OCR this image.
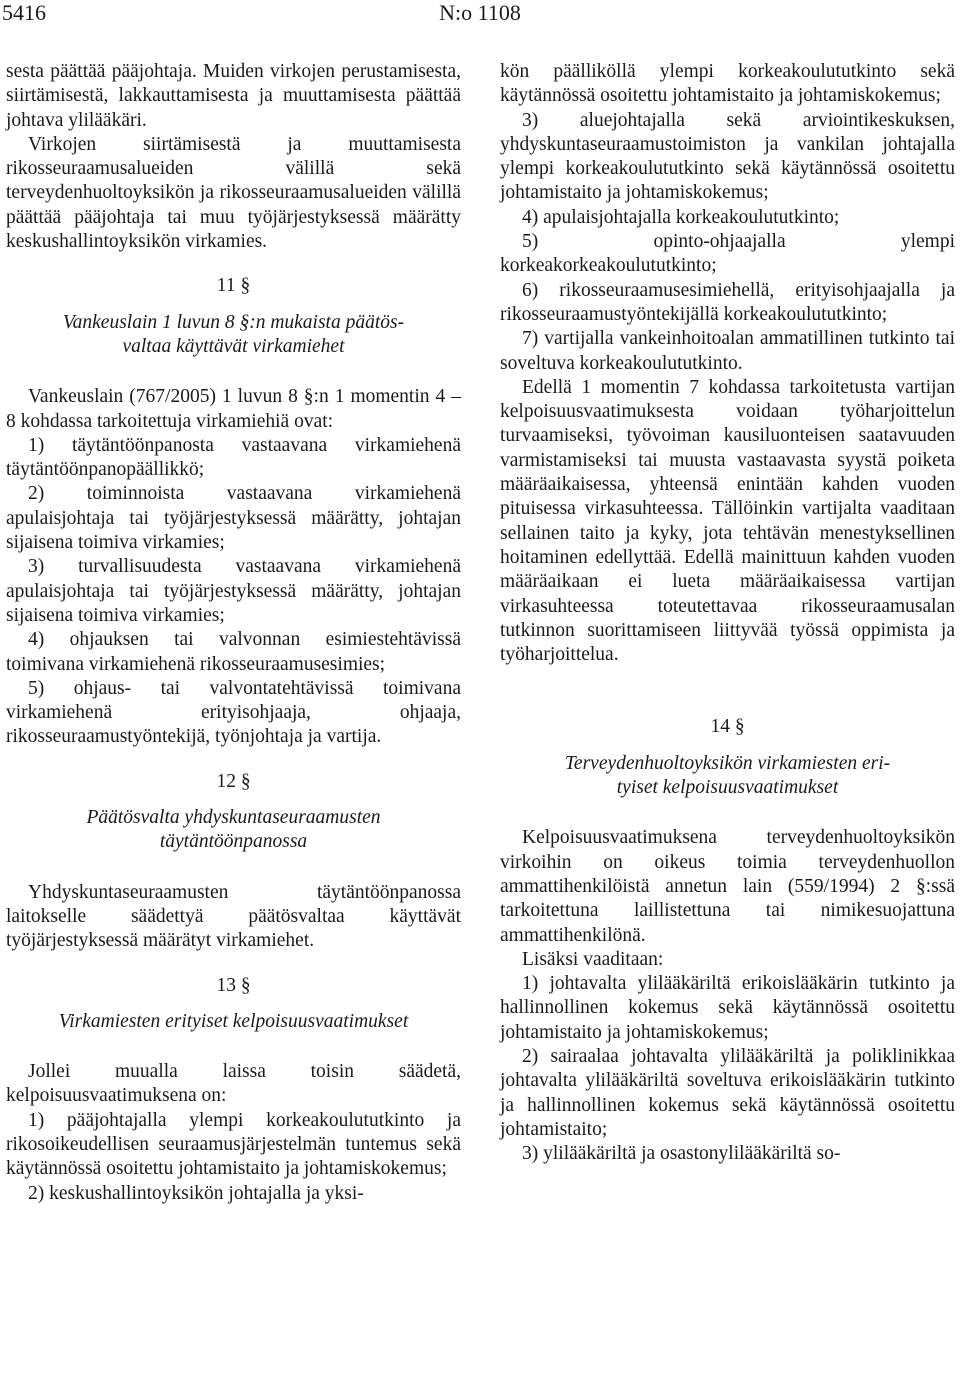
5416	N:o 1108

sesta päättää pääjohtaja. Muiden virkojen perustamisesta, siirtämisestä, lakkauttamisesta ja muuttamisesta päättää johtava ylilääkäri.

Virkojen siirtämisestä ja muuttamisesta rikosseuraamusalueiden välillä sekä terveydenhuoltoyksikön ja rikosseuraamusalueiden välillä päättää pääjohtaja tai muu työjärjestyksessä määrätty keskushallintoyksikön virkamies.

11 §
Vankeuslain 1 luvun 8 §:n mukaista päätös-
valtaa käyttävät virkamiehet

Vankeuslain (767/2005) 1 luvun 8 §:n 1 momentin 4 – 8 kohdassa tarkoitettuja virkamiehiä ovat:

1) täytäntöönpanosta vastaavana virkamiehenä täytäntöönpanopäällikkö;

2) toiminnoista vastaavana virkamiehenä apulaisjohtaja tai työjärjestyksessä määrätty, johtajan sijaisena toimiva virkamies;

3) turvallisuudesta vastaavana virkamiehenä apulaisjohtaja tai työjärjestyksessä määrätty, johtajan sijaisena toimiva virkamies;

4) ohjauksen tai valvonnan esimiestehtävissä toimivana virkamiehenä rikosseuraamusesimies;

5) ohjaus- tai valvontatehtävissä toimivana virkamiehenä erityisohjaaja, ohjaaja, rikosseuraamustyöntekijä, työnjohtaja ja vartija.

12 §
Päätösvalta yhdyskuntaseuraamusten
täytäntöönpanossa

Yhdyskuntaseuraamusten täytäntöönpanossa laitokselle säädettyä päätösvaltaa käyttävät työjärjestyksessä määrätyt virkamiehet.

13 §
Virkamiesten erityiset kelpoisuusvaatimukset

Jollei muualla laissa toisin säädetä, kelpoisuusvaatimuksena on:

1) pääjohtajalla ylempi korkeakoulututkinto ja rikosoikeudellisen seuraamusjärjestelmän tuntemus sekä käytännössä osoitettu johtamistaito ja johtamiskokemus;

2) keskushallintoyksikön johtajalla ja yksi-

kön päälliköllä ylempi korkeakoulututkinto sekä käytännössä osoitettu johtamistaito ja johtamiskokemus;

3) aluejohtajalla sekä arviointikeskuksen, yhdyskuntaseuraamustoimiston ja vankilan johtajalla ylempi korkeakoulututkinto sekä käytännössä osoitettu johtamistaito ja johtamiskokemus;

4) apulaisjohtajalla korkeakoulututkinto;

5) opinto-ohjaajalla ylempi korkeakorkeakoulututkinto;

6) rikosseuraamusesimiehellä, erityisohjaajalla ja rikosseuraamustyöntekijällä korkeakoulututkinto;

7) vartijalla vankeinhoitoalan ammatillinen tutkinto tai soveltuva korkeakoulututkinto.

Edellä 1 momentin 7 kohdassa tarkoitetusta vartijan kelpoisuusvaatimuksesta voidaan työharjoittelun turvaamiseksi, työvoiman kausiluonteisen saatavuuden varmistamiseksi tai muusta vastaavasta syystä poiketa määräaikaisessa, yhteensä enintään kahden vuoden pituisessa virkasuhteessa. Tällöinkin vartijalta vaaditaan sellainen taito ja kyky, jota tehtävän menestyksellinen hoitaminen edellyttää. Edellä mainittuun kahden vuoden määräaikaan ei lueta määräaikaisessa vartijan virkasuhteessa toteutettavaa rikosseuraamusalan tutkinnon suorittamiseen liittyvää työssä oppimista ja työharjoittelua.

14 §
Terveydenhuoltoyksikön virkamiesten eri-
tyiset kelpoisuusvaatimukset

Kelpoisuusvaatimuksena terveydenhuoltoyksikön virkoihin on oikeus toimia terveydenhuollon ammattihenkilöistä annetun lain (559/1994) 2 §:ssä tarkoitettuna laillistettuna tai nimikesuojattuna ammattihenkilönä.

Lisäksi vaaditaan:

1) johtavalta ylilääkäriltä erikoislääkärin tutkinto ja hallinnollinen kokemus sekä käytännössä osoitettu johtamistaito ja johtamiskokemus;

2) sairaalaa johtavalta ylilääkäriltä ja poliklinikkaa johtavalta ylilääkäriltä soveltuva erikoislääkärin tutkinto ja hallinnollinen kokemus sekä käytännössä osoitettu johtamistaito;

3) ylilääkäriltä ja osastonylilääkäriltä so-
